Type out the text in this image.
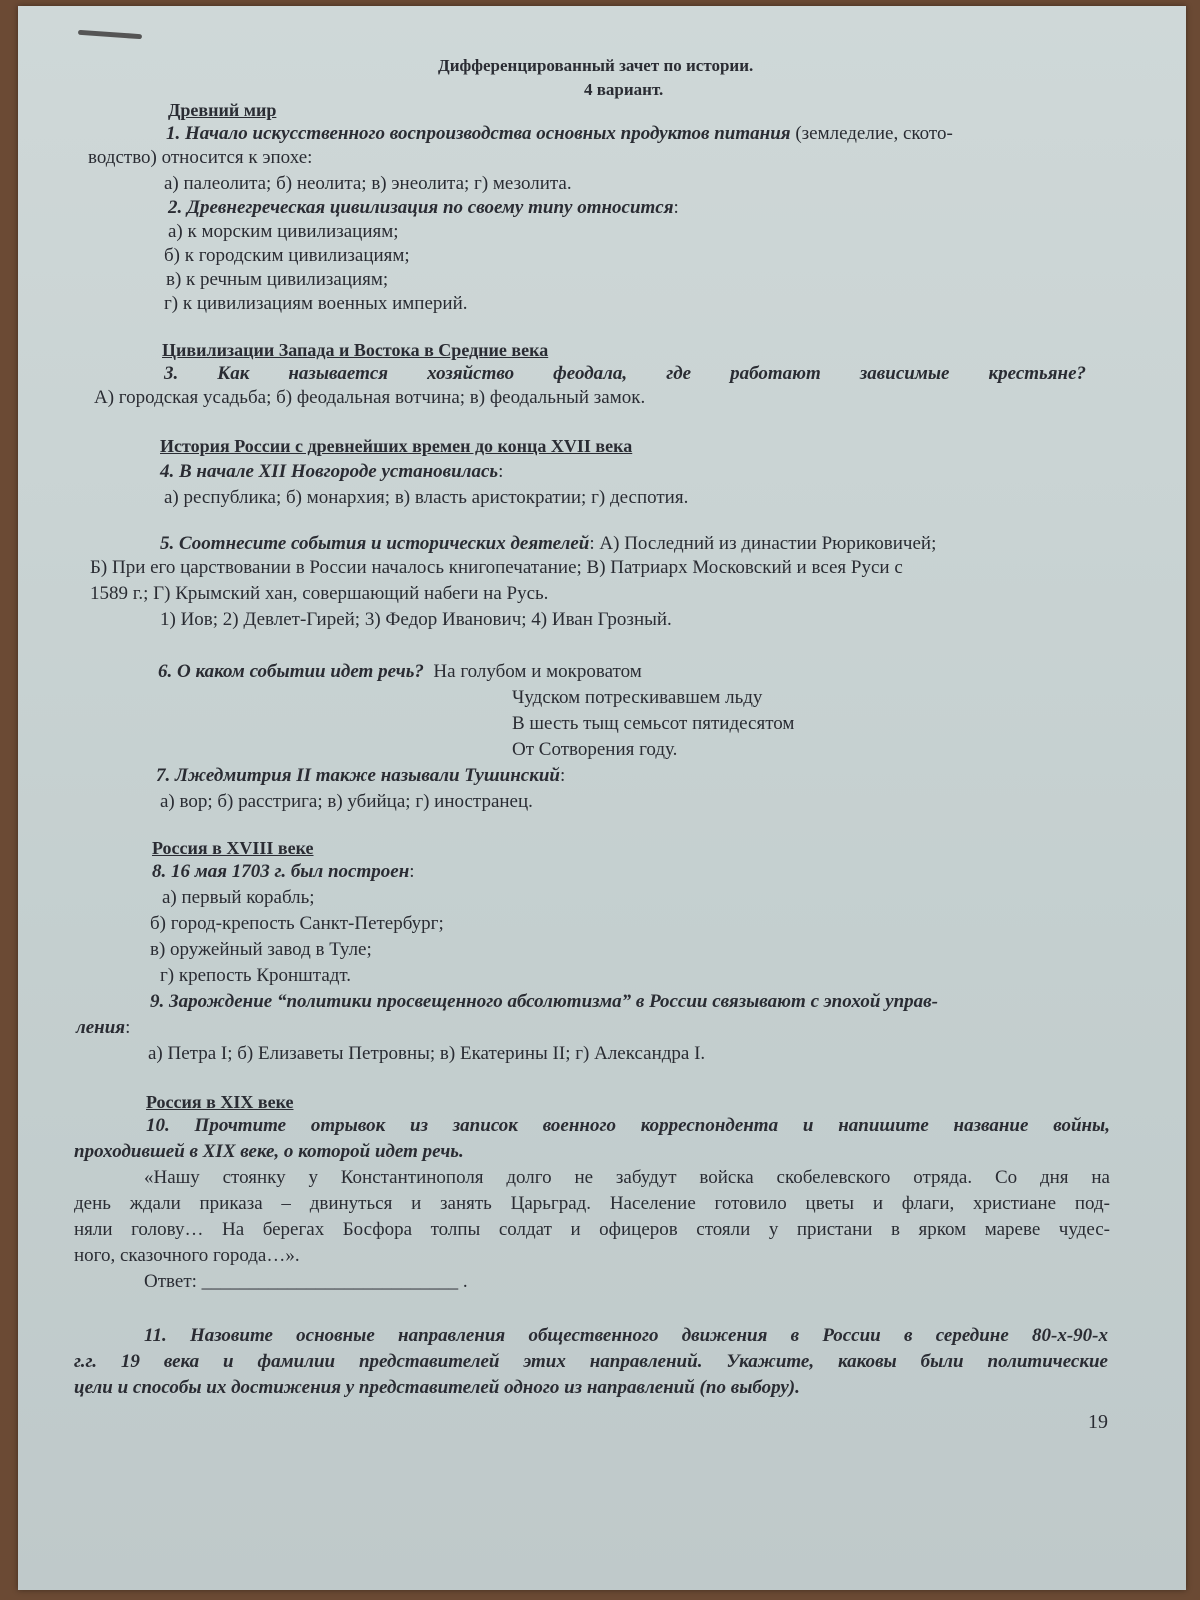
Дифференцированный зачет по истории.
4 вариант.
Древний мир
1. Начало искусственного воспроизводства основных продуктов питания (земледелие, ското-
водство) относится к эпохе:
а) палеолита; б) неолита; в) энеолита; г) мезолита.
2. Древнегреческая цивилизация по своему типу относится:
а) к морским цивилизациям;
б) к городским цивилизациям;
в) к речным цивилизациям;
г) к цивилизациям военных империй.
Цивилизации Запада и Востока в Средние века
3. Как называется хозяйство феодала, где работают зависимые крестьяне?
А) городская усадьба; б) феодальная вотчина; в) феодальный замок.
История России с древнейших времен до конца XVII века
4. В начале XII Новгороде установилась:
а) республика; б) монархия; в) власть аристократии; г) деспотия.
5. Соотнесите события и исторических деятелей: А) Последний из династии Рюриковичей;
Б) При его царствовании в России началось книгопечатание; В) Патриарх Московский и всея Руси с
1589 г.; Г) Крымский хан, совершающий набеги на Русь.
1) Иов; 2) Девлет-Гирей; 3) Федор Иванович; 4) Иван Грозный.
6. О каком событии идет речь? На голубом и мокроватом
Чудском потрескивавшем льду
В шесть тыщ семьсот пятидесятом
От Сотворения году.
7. Лжедмитрия II также называли Тушинский:
а) вор; б) расстрига; в) убийца; г) иностранец.
Россия в XVIII веке
8. 16 мая 1703 г. был построен:
а) первый корабль;
б) город-крепость Санкт-Петербург;
в) оружейный завод в Туле;
г) крепость Кронштадт.
9. Зарождение “политики просвещенного абсолютизма” в России связывают с эпохой управ-
ления:
а) Петра I; б) Елизаветы Петровны; в) Екатерины II; г) Александра I.
Россия в XIX веке
10. Прочтите отрывок из записок военного корреспондента и напишите название войны,
проходившей в XIX веке, о которой идет речь.
«Нашу стоянку у Константинополя долго не забудут войска скобелевского отряда. Со дня на
день ждали приказа – двинуться и занять Царьград. Население готовило цветы и флаги, христиане под-
няли голову… На берегах Босфора толпы солдат и офицеров стояли у пристани в ярком мареве чудес-
ного, сказочного города…».
Ответ: ___________________________ .
11. Назовите основные направления общественного движения в России в середине 80-х-90-х
г.г. 19 века и фамилии представителей этих направлений. Укажите, каковы были политические
цели и способы их достижения у представителей одного из направлений (по выбору).
19
